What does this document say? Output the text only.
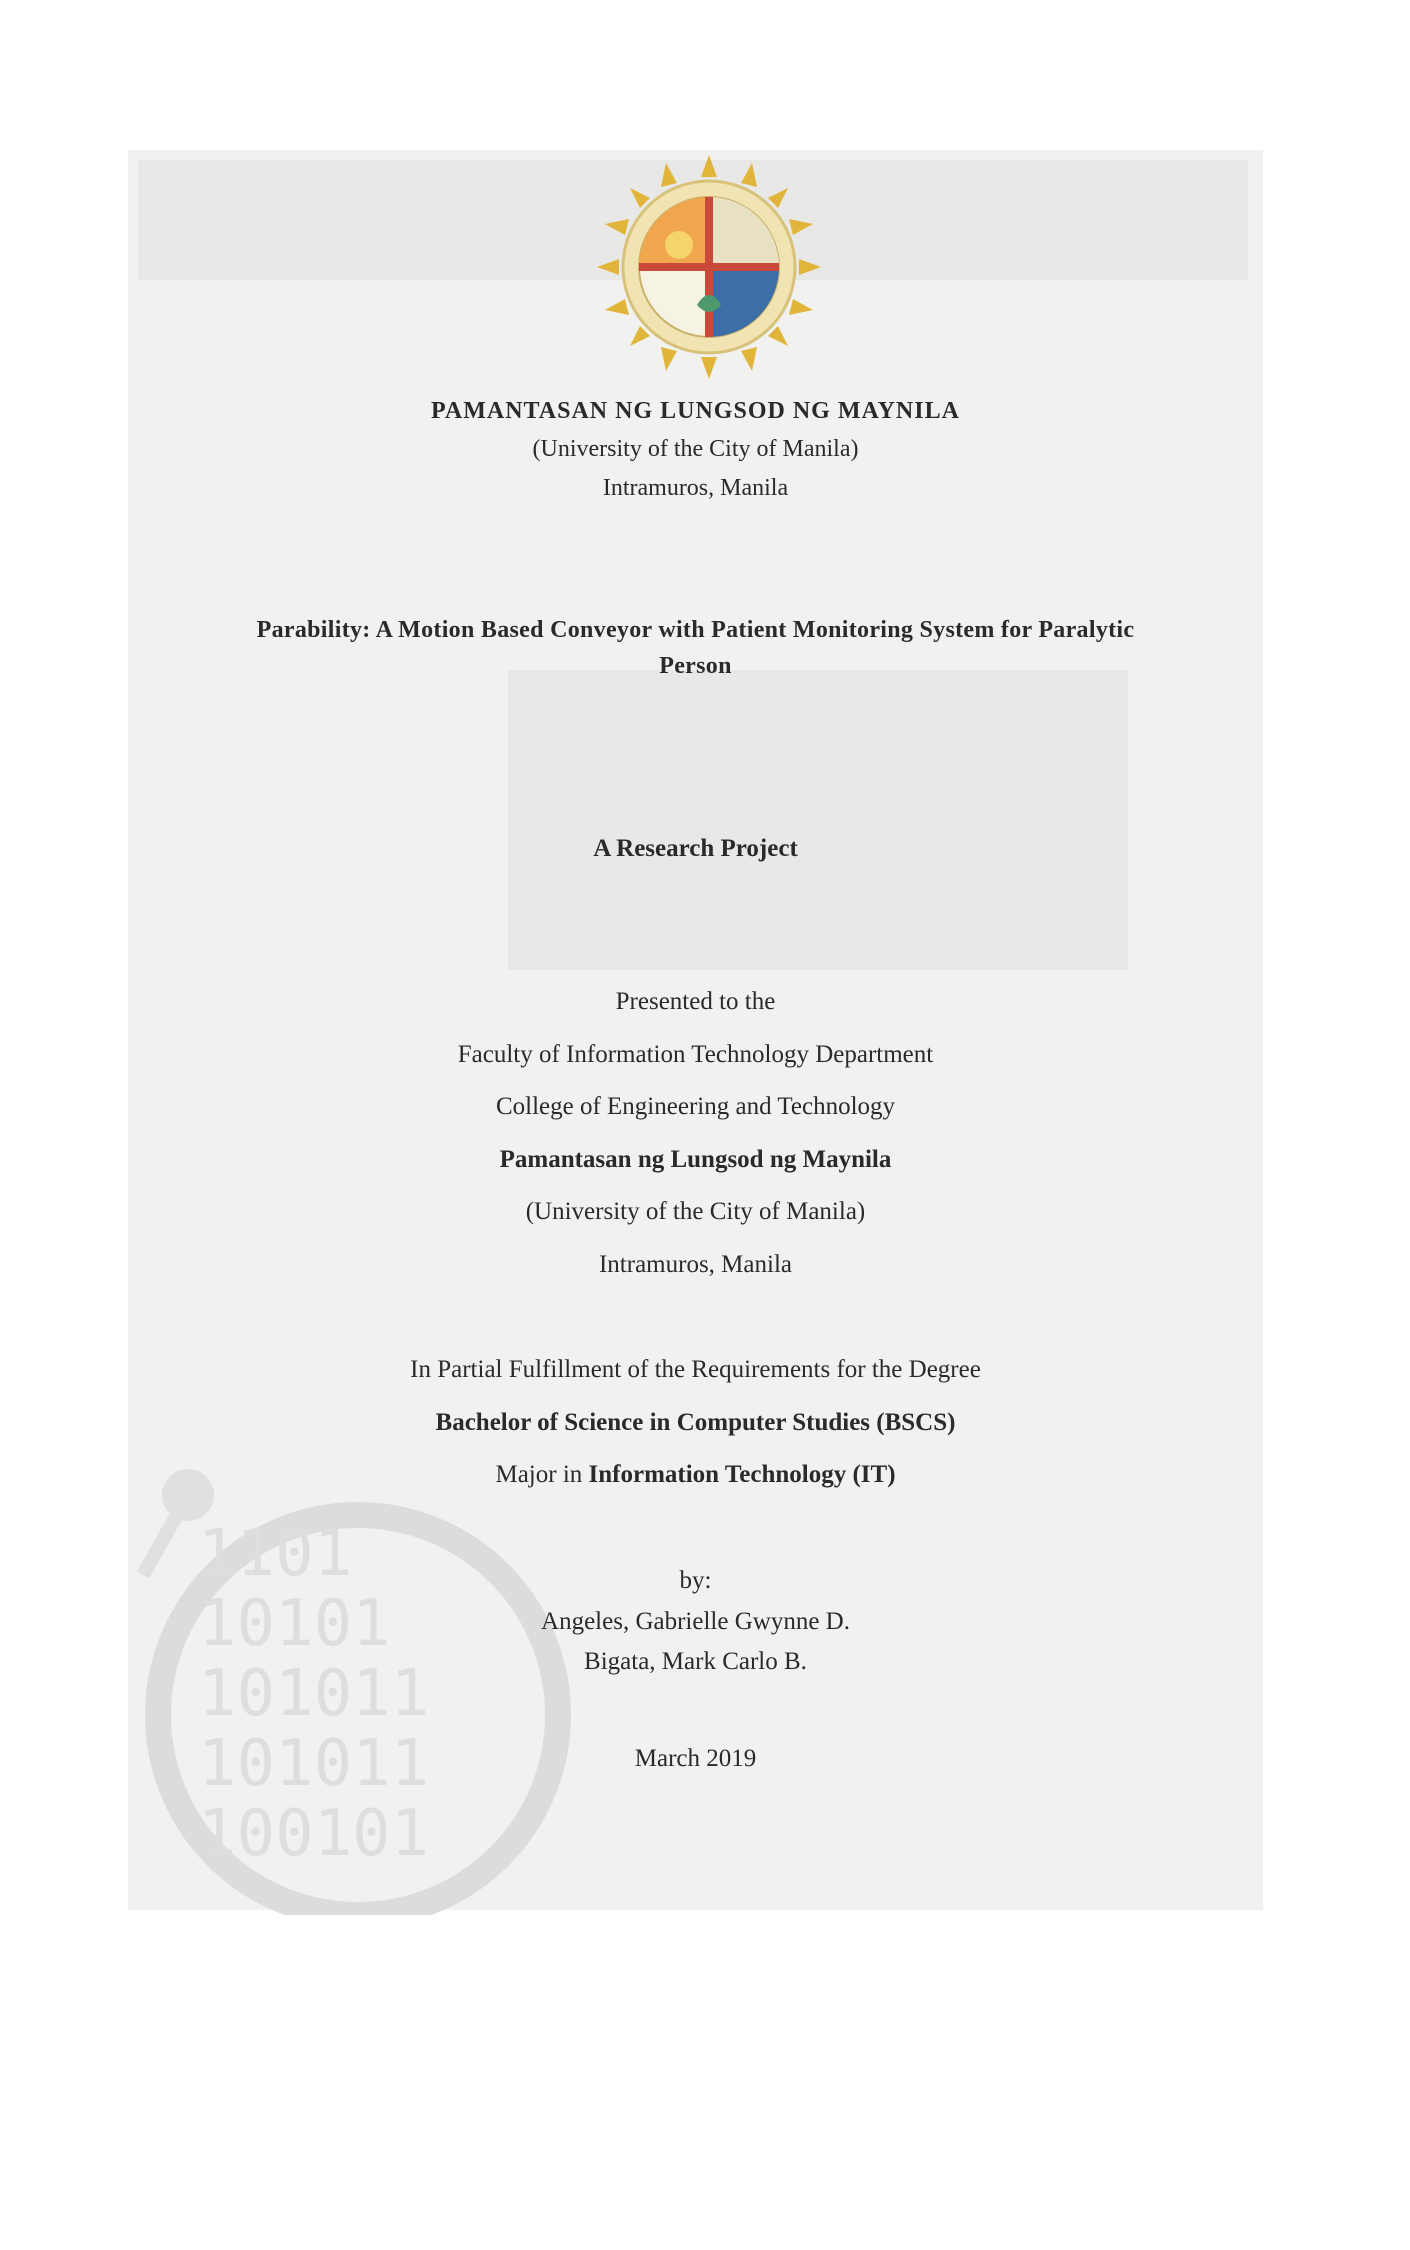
1101
10101
101011
101011
100101
PAMANTASAN NG LUNGSOD NG MAYNILA
(University of the City of Manila)
Intramuros, Manila
Parability: A Motion Based Conveyor with Patient Monitoring System for Paralytic
Person
A Research Project
Presented to the
Faculty of Information Technology Department
College of Engineering and Technology
Pamantasan ng Lungsod ng Maynila
(University of the City of Manila)
Intramuros, Manila
In Partial Fulfillment of the Requirements for the Degree
Bachelor of Science in Computer Studies (BSCS)
Major in Information Technology (IT)
by:
Angeles, Gabrielle Gwynne D.
Bigata, Mark Carlo B.
March 2019
